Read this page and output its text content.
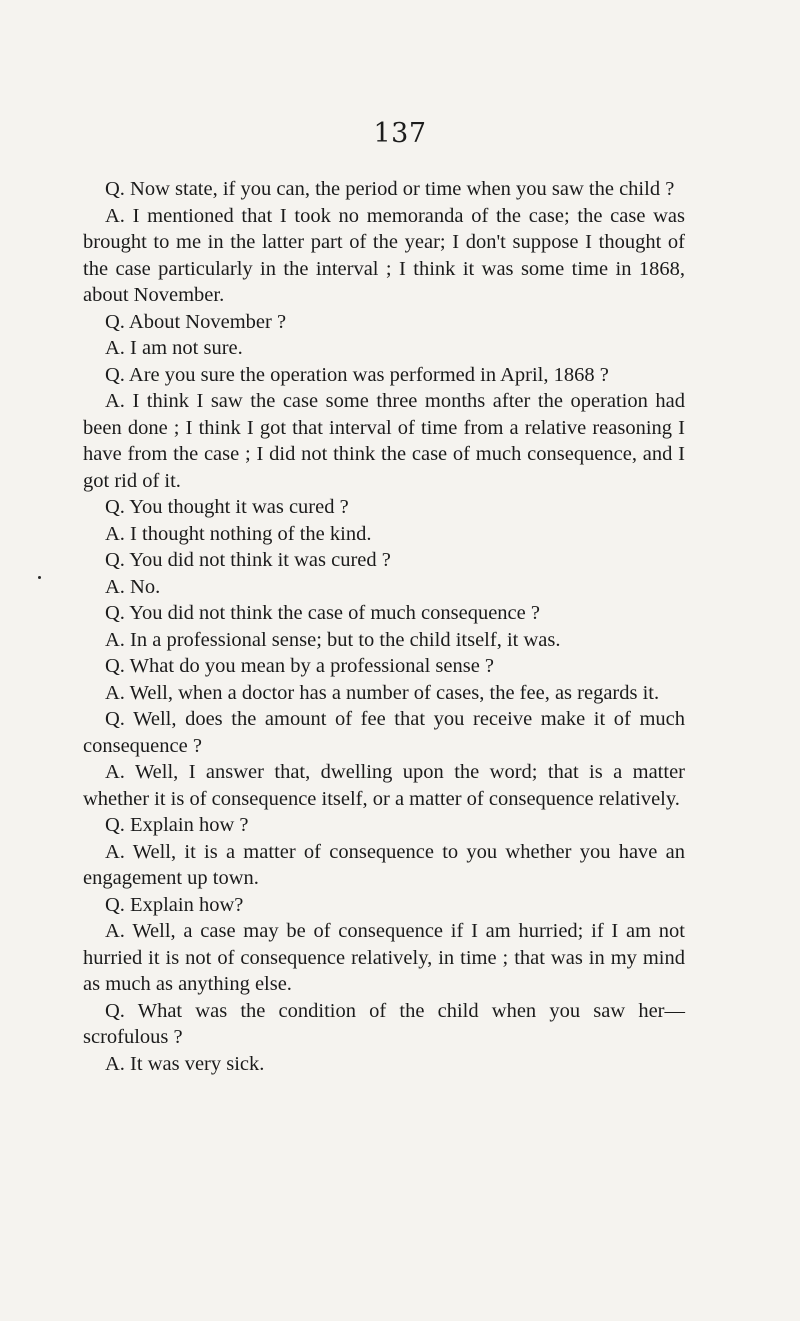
137

Q. Now state, if you can, the period or time when you saw the child ?

A. I mentioned that I took no memoranda of the case; the case was brought to me in the latter part of the year; I don't suppose I thought of the case particularly in the interval ; I think it was some time in 1868, about November.

Q. About November ?

A. I am not sure.

Q. Are you sure the operation was performed in April, 1868 ?

A. I think I saw the case some three months after the operation had been done ; I think I got that interval of time from a relative reasoning I have from the case ; I did not think the case of much consequence, and I got rid of it.

Q. You thought it was cured ?

A. I thought nothing of the kind.

Q. You did not think it was cured ?

A. No.

Q. You did not think the case of much consequence ?

A. In a professional sense; but to the child itself, it was.

Q. What do you mean by a professional sense ?

A. Well, when a doctor has a number of cases, the fee, as regards it.

Q. Well, does the amount of fee that you receive make it of much consequence ?

A. Well, I answer that, dwelling upon the word; that is a matter whether it is of consequence itself, or a matter of consequence relatively.

Q. Explain how ?

A. Well, it is a matter of consequence to you whether you have an engagement up town.

Q. Explain how?

A. Well, a case may be of consequence if I am hurried; if I am not hurried it is not of consequence relatively, in time ; that was in my mind as much as anything else.

Q. What was the condition of the child when you saw her— scrofulous ?

A. It was very sick.
